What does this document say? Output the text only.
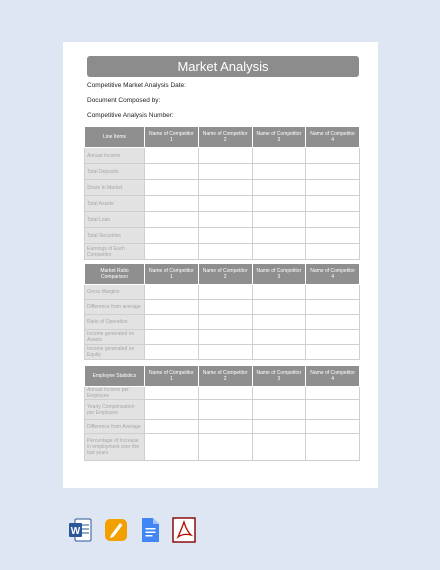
Market Analysis
Competitive Market Analysis Date:
Document Composed by:
Competitive Analysis Number:
Line Items	Name of Competitor 1	Name of Competitor 2	Name of Competitor 3	Name of Competitor 4
Annual Income				
Total Deposits				
Share in Market				
Total Assets				
Total Loan				
Total Securities				
Earnings of Each Competitor				
Market Ratio Comparison	Name of Competitor 1	Name of Competitor 2	Name of Competitor 3	Name of Competitor 4
Gross Margins				
Difference from average				
Ratio of Operation				
Income generated on Assets				
Income generated on Equity				
Employee Statistics	Name of Competitor 1	Name of Competitor 2	Name of Competitor 3	Name of Competitor 4
Annual Income per Employee				
Yearly Compensation per Employee				
Difference from Average				
Percentage of Increase in employment over the last years				
W
